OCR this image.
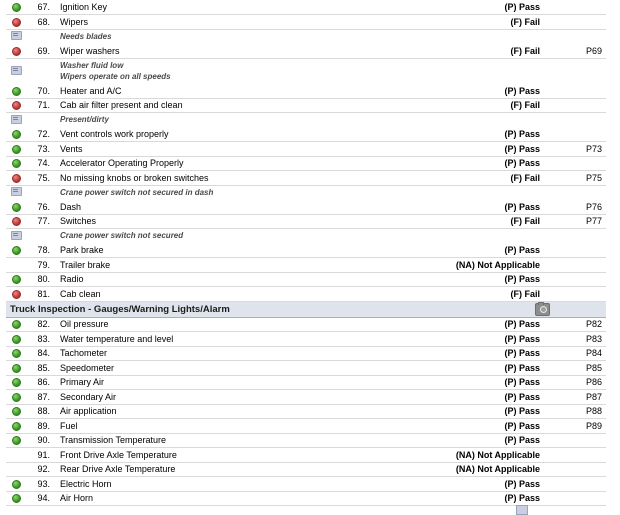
	67.	Ignition Key	(P) Pass	
	68.	Wipers	(F) Fail	
		Needs blades		
	69.	Wiper washers	(F) Fail	P69
		Washer fluid low
Wipers operate on all speeds		
	70.	Heater and A/C	(P) Pass	
	71.	Cab air filter present and clean	(F) Fail	
		Present/dirty		
	72.	Vent controls work properly	(P) Pass	
	73.	Vents	(P) Pass	P73
	74.	Accelerator Operating Properly	(P) Pass	
	75.	No missing knobs or broken switches	(F) Fail	P75
		Crane power switch not secured in dash		
	76.	Dash	(P) Pass	P76
	77.	Switches	(F) Fail	P77
		Crane power switch not secured		
	78.	Park brake	(P) Pass	
	79.	Trailer brake	(NA) Not Applicable	
	80.	Radio	(P) Pass	
	81.	Cab clean	(F) Fail	

Truck Inspection - Gauges/Warning Lights/Alarm				

	82.	Oil pressure	(P) Pass	P82
	83.	Water temperature and level	(P) Pass	P83
	84.	Tachometer	(P) Pass	P84
	85.	Speedometer	(P) Pass	P85
	86.	Primary Air	(P) Pass	P86
	87.	Secondary Air	(P) Pass	P87
	88.	Air application	(P) Pass	P88
	89.	Fuel	(P) Pass	P89
	90.	Transmission Temperature	(P) Pass	
	91.	Front Drive Axle Temperature	(NA) Not Applicable	
	92.	Rear Drive Axle Temperature	(NA) Not Applicable	
	93.	Electric Horn	(P) Pass	
	94.	Air Horn	(P) Pass	
